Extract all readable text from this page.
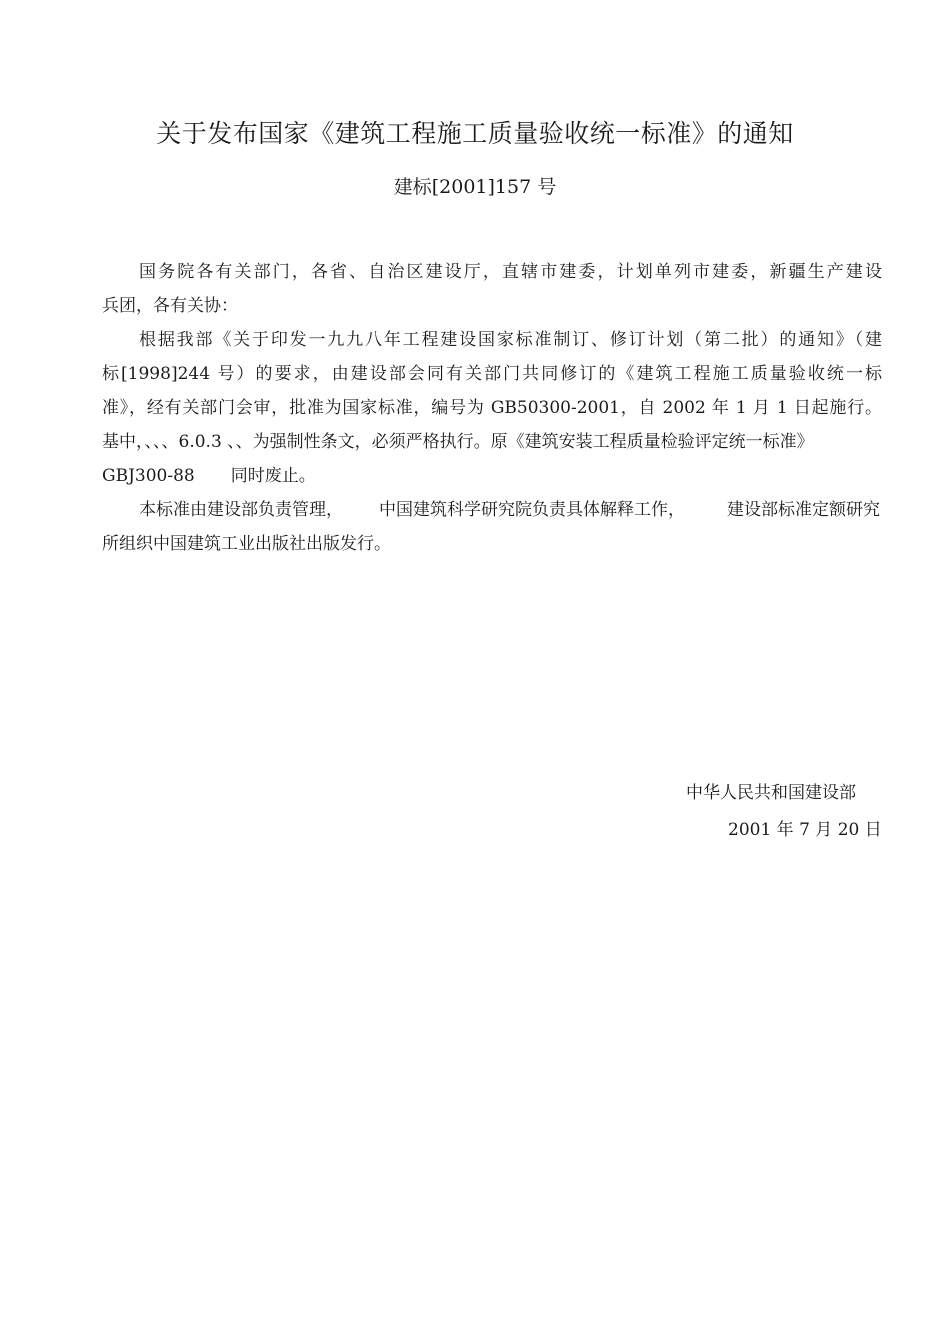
关于发布国家《建筑工程施工质量验收统一标准》的通知
建标[2001]157 号
国务院各有关部门，各省、自治区建设厅，直辖市建委，计划单列市建委，新疆生产建设
兵团，各有关协：
根据我部《关于印发一九九八年工程建设国家标准制订、修订计划（第二批）的通知》（建
标[1998]244 号）的要求，由建设部会同有关部门共同修订的《建筑工程施工质量验收统一标
准》，经有关部门会审，批准为国家标准，编号为 GB50300-2001，自 2002 年 1 月 1 日起施行。
基中，、、、6.0.3 、、为强制性条文，必须严格执行。原《建筑安装工程质量检验评定统一标准》
GBJ300-88 同时废止。
本标准由建设部负责管理， 中国建筑科学研究院负责具体解释工作， 建设部标准定额研究
所组织中国建筑工业出版社出版发行。
中华人民共和国建设部
2001 年 7 月 20 日
